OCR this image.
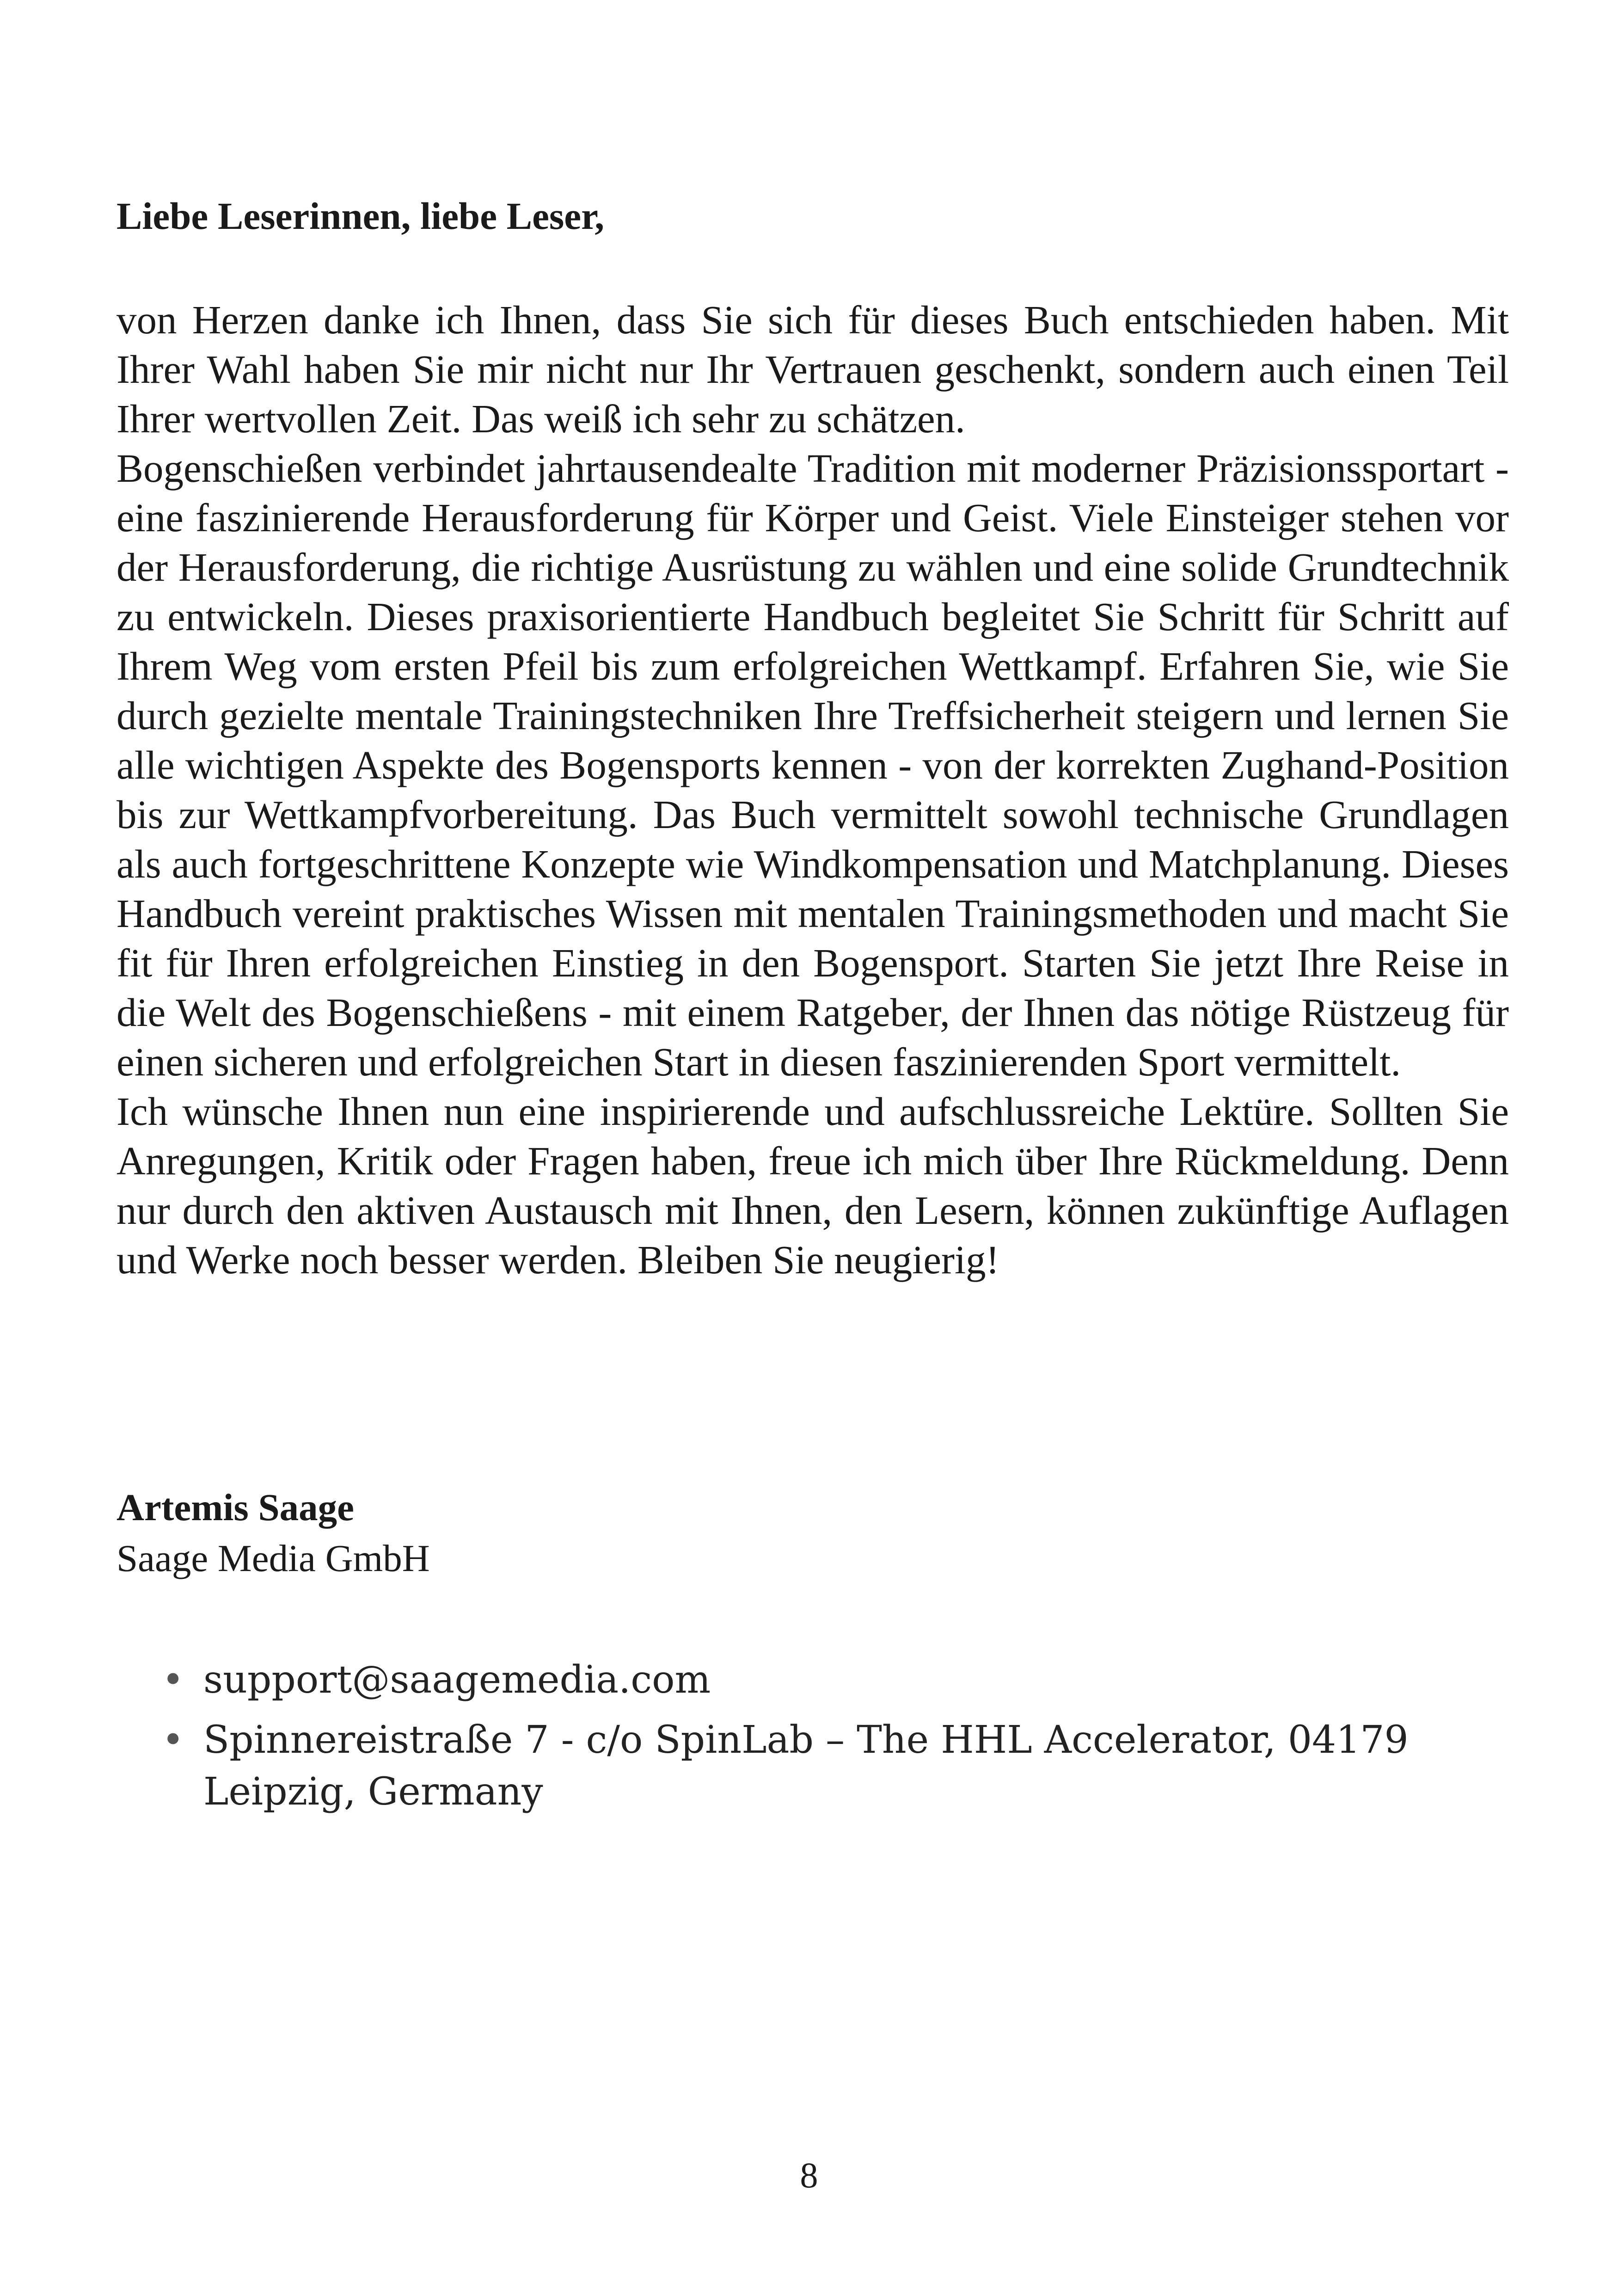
Liebe Leserinnen, liebe Leser,

von Herzen danke ich Ihnen, dass Sie sich für dieses Buch entschieden haben. Mit Ihrer Wahl haben Sie mir nicht nur Ihr Vertrauen geschenkt, sondern auch einen Teil Ihrer wertvollen Zeit. Das weiß ich sehr zu schätzen.

Bogenschießen verbindet jahrtausendealte Tradition mit moderner Präzisionssportart - eine faszinierende Herausforderung für Körper und Geist. Viele Einsteiger stehen vor der Herausforderung, die richtige Ausrüstung zu wählen und eine solide Grundtechnik zu entwickeln. Dieses praxisorientierte Handbuch begleitet Sie Schritt für Schritt auf Ihrem Weg vom ersten Pfeil bis zum erfolgreichen Wettkampf. Erfahren Sie, wie Sie durch gezielte mentale Trainingstechniken Ihre Treffsicherheit steigern und lernen Sie alle wichtigen Aspekte des Bogensports kennen - von der korrekten Zughand-Position bis zur Wettkampfvorbereitung. Das Buch vermittelt sowohl technische Grundlagen als auch fortgeschrittene Konzepte wie Windkompensation und Matchplanung. Dieses Handbuch vereint praktisches Wissen mit mentalen Trainingsmethoden und macht Sie fit für Ihren erfolgreichen Einstieg in den Bogensport. Starten Sie jetzt Ihre Reise in die Welt des Bogenschießens - mit einem Ratgeber, der Ihnen das nötige Rüstzeug für einen sicheren und erfolgreichen Start in diesen faszinierenden Sport vermittelt.

Ich wünsche Ihnen nun eine inspirierende und aufschlussreiche Lektüre. Sollten Sie Anregungen, Kritik oder Fragen haben, freue ich mich über Ihre Rückmeldung. Denn nur durch den aktiven Austausch mit Ihnen, den Lesern, können zukünftige Auflagen und Werke noch besser werden. Bleiben Sie neugierig!

Artemis Saage
Saage Media GmbH
• support@saagemedia.com
• Spinnereistraße 7 - c/o SpinLab – The HHL Accelerator, 04179 Leipzig, Germany
8
